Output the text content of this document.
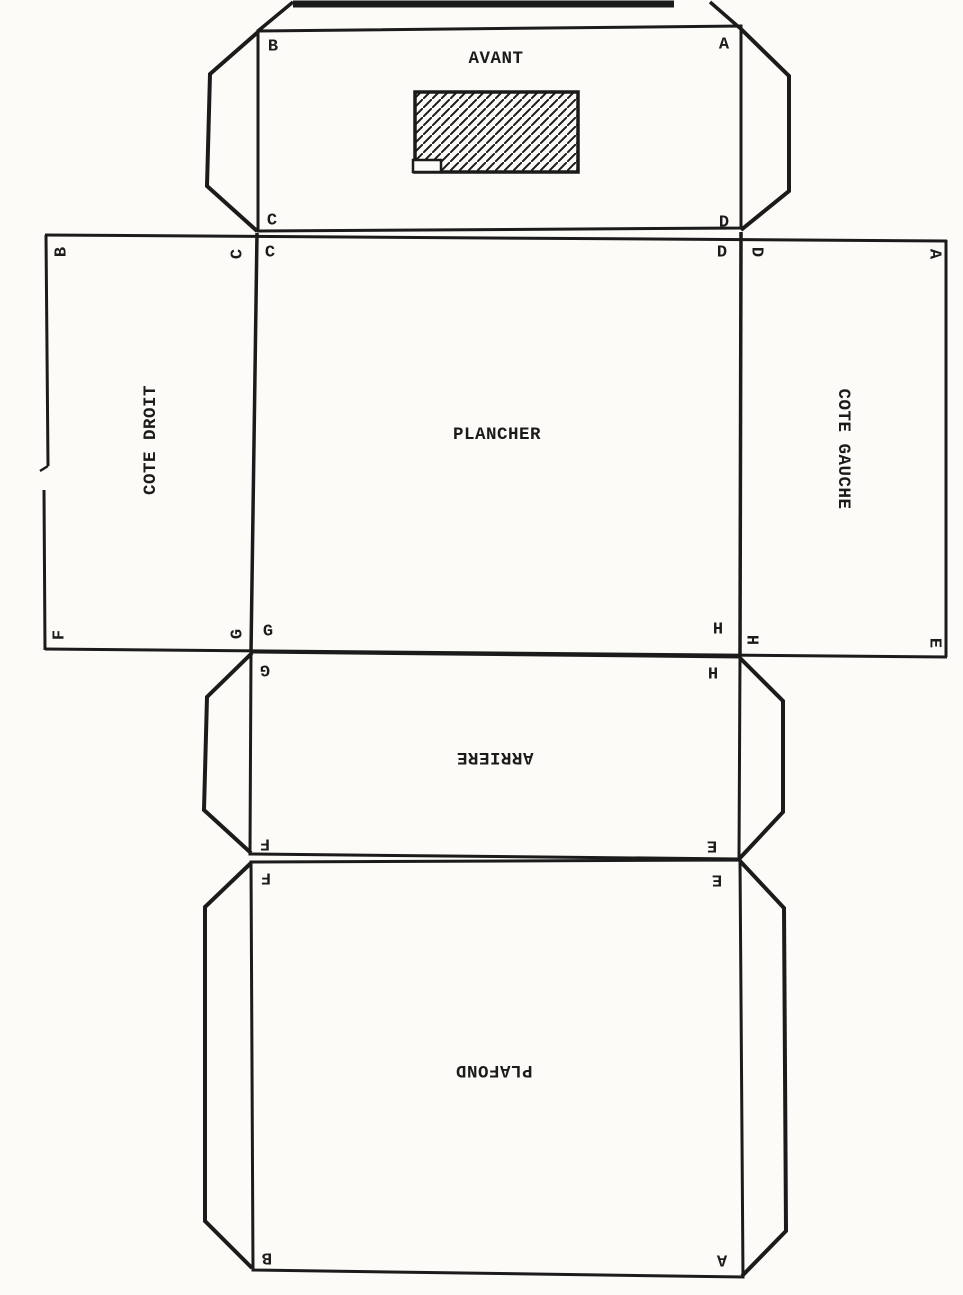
AVANT
B	A
C	D
COTE DROIT
B	C
F	G
PLANCHER
C	D
G	H
COTE GAUCHE
D	A
H	E
ARRIERE
G	H
F	E
PLAFOND
F	E
B	A
